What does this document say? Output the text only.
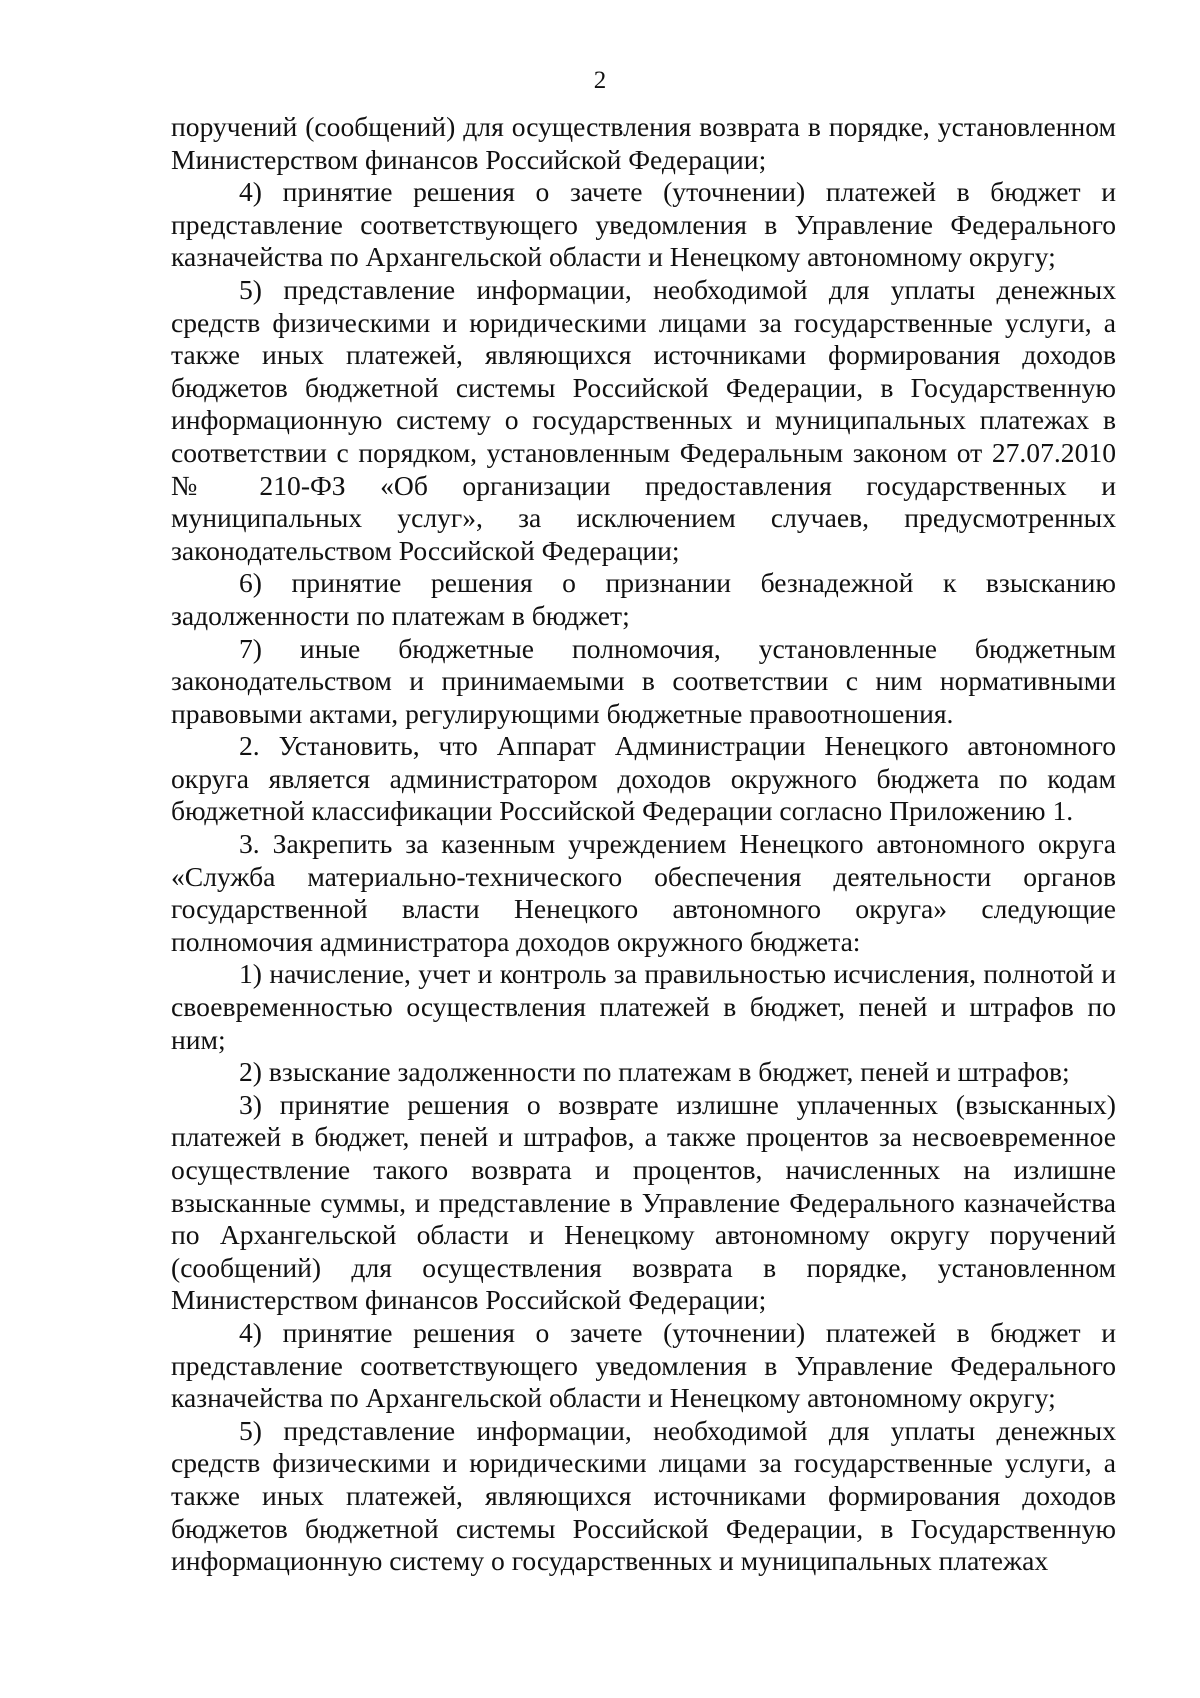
2

поручений (сообщений) для осуществления возврата в порядке, установленном Министерством финансов Российской Федерации;

4) принятие решения о зачете (уточнении) платежей в бюджет и представление соответствующего уведомления в Управление Федерального казначейства по Архангельской области и Ненецкому автономному округу;

5) представление информации, необходимой для уплаты денежных средств физическими и юридическими лицами за государственные услуги, а также иных платежей, являющихся источниками формирования доходов бюджетов бюджетной системы Российской Федерации, в Государственную информационную систему о государственных и муниципальных платежах в соответствии с порядком, установленным Федеральным законом от 27.07.2010 № 210-ФЗ «Об организации предоставления государственных и муниципальных услуг», за исключением случаев, предусмотренных законодательством Российской Федерации;

6) принятие решения о признании безнадежной к взысканию задолженности по платежам в бюджет;

7) иные бюджетные полномочия, установленные бюджетным законодательством и принимаемыми в соответствии с ним нормативными правовыми актами, регулирующими бюджетные правоотношения.

2. Установить, что Аппарат Администрации Ненецкого автономного округа является администратором доходов окружного бюджета по кодам бюджетной классификации Российской Федерации согласно Приложению 1.

3. Закрепить за казенным учреждением Ненецкого автономного округа «Служба материально-технического обеспечения деятельности органов государственной власти Ненецкого автономного округа» следующие полномочия администратора доходов окружного бюджета:

1) начисление, учет и контроль за правильностью исчисления, полнотой и своевременностью осуществления платежей в бюджет, пеней и штрафов по ним;

2) взыскание задолженности по платежам в бюджет, пеней и штрафов;

3) принятие решения о возврате излишне уплаченных (взысканных) платежей в бюджет, пеней и штрафов, а также процентов за несвоевременное осуществление такого возврата и процентов, начисленных на излишне взысканные суммы, и представление в Управление Федерального казначейства по Архангельской области и Ненецкому автономному округу поручений (сообщений) для осуществления возврата в порядке, установленном Министерством финансов Российской Федерации;

4) принятие решения о зачете (уточнении) платежей в бюджет и представление соответствующего уведомления в Управление Федерального казначейства по Архангельской области и Ненецкому автономному округу;

5) представление информации, необходимой для уплаты денежных средств физическими и юридическими лицами за государственные услуги, а также иных платежей, являющихся источниками формирования доходов бюджетов бюджетной системы Российской Федерации, в Государственную информационную систему о государственных и муниципальных платежах
